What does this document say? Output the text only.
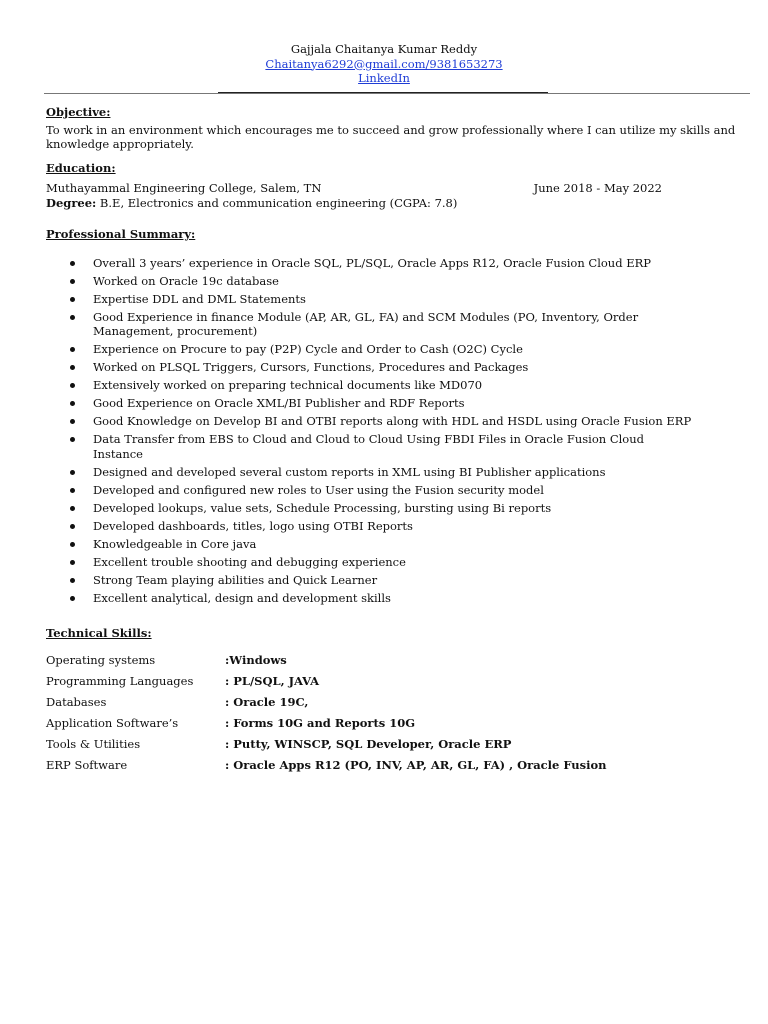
Gajjala Chaitanya Kumar Reddy
Chaitanya6292@gmail.com/9381653273
LinkedIn

Objective:

To work in an environment which encourages me to succeed and grow professionally where I can utilize my skills and knowledge appropriately.

Education:

Muthayammal Engineering College, Salem, TN	June 2018 - May 2022

Degree: B.E, Electronics and communication engineering (CGPA: 7.8)

Professional Summary:

Overall 3 years’ experience in Oracle SQL, PL/SQL, Oracle Apps R12, Oracle Fusion Cloud ERP
Worked on Oracle 19c database
Expertise DDL and DML Statements
Good Experience in finance Module (AP, AR, GL, FA) and SCM Modules (PO, Inventory, Order Management, procurement)
Experience on Procure to pay (P2P) Cycle and Order to Cash (O2C) Cycle
Worked on PLSQL Triggers, Cursors, Functions, Procedures and Packages
Extensively worked on preparing technical documents like MD070
Good Experience on Oracle XML/BI Publisher and RDF Reports
Good Knowledge on Develop BI and OTBI reports along with HDL and HSDL using Oracle Fusion ERP
Data Transfer from EBS to Cloud and Cloud to Cloud Using FBDI Files in Oracle Fusion Cloud Instance
Designed and developed several custom reports in XML using BI Publisher applications
Developed and configured new roles to User using the Fusion security model
Developed lookups, value sets, Schedule Processing, bursting using Bi reports
Developed dashboards, titles, logo using OTBI Reports
Knowledgeable in Core java
Excellent trouble shooting and debugging experience
Strong Team playing abilities and Quick Learner
Excellent analytical, design and development skills

Technical Skills:

Operating systems	:Windows
Programming Languages	: PL/SQL, JAVA
Databases	: Oracle 19C,
Application Software’s	: Forms 10G and Reports 10G
Tools & Utilities	: Putty, WINSCP, SQL Developer, Oracle ERP
ERP Software	: Oracle Apps R12 (PO, INV, AP, AR, GL, FA) , Oracle Fusion
